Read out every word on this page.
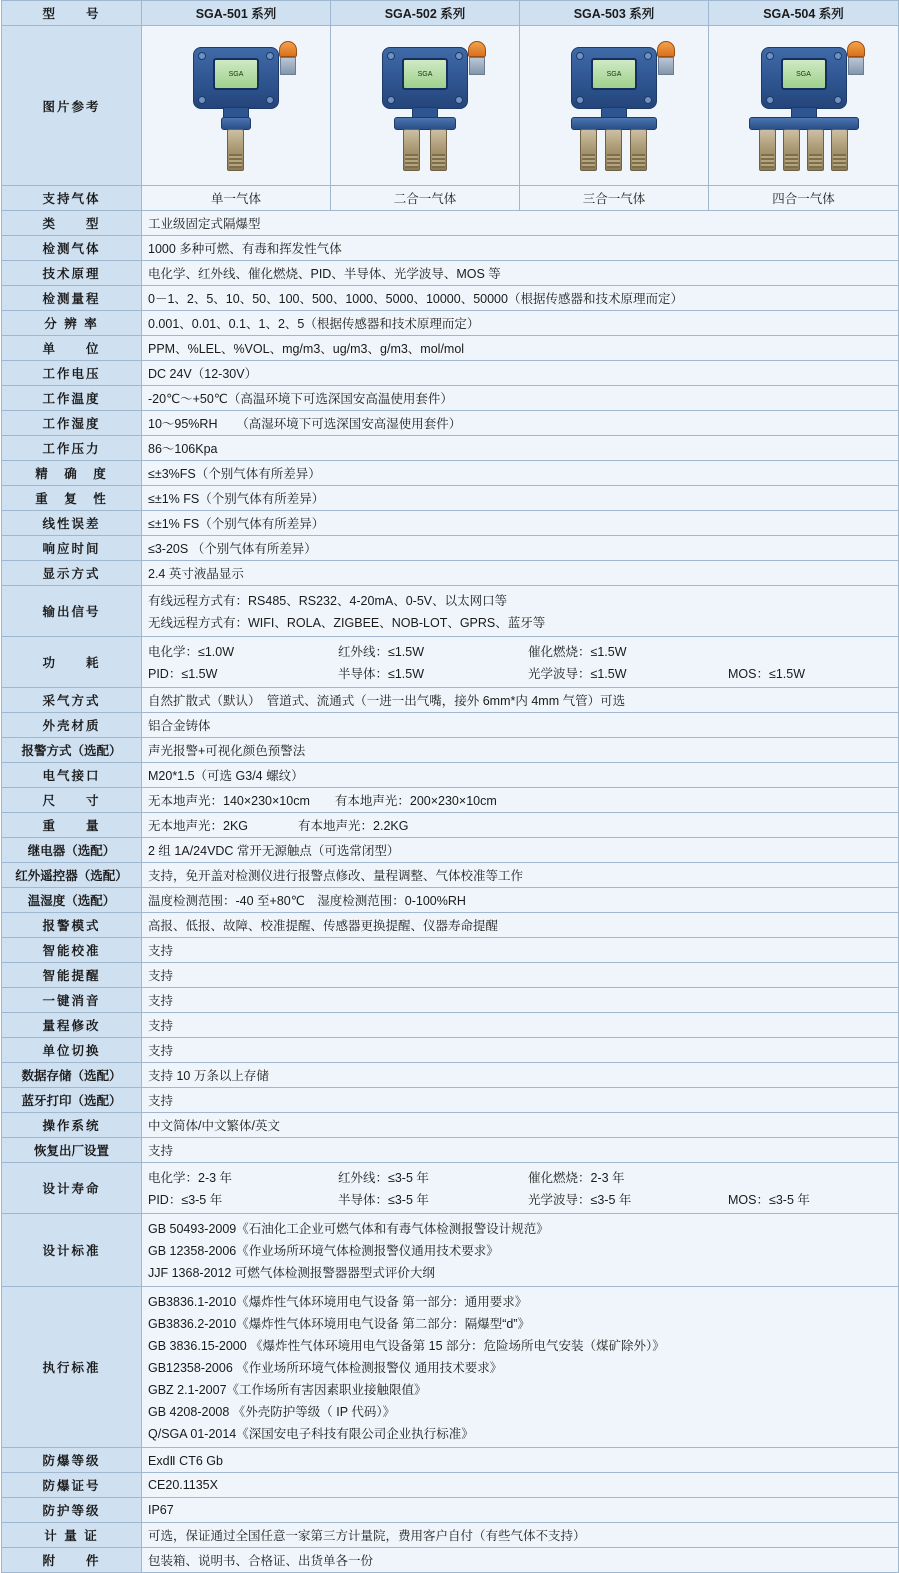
型　　号	SGA-501 系列	SGA-502 系列	SGA-503 系列	SGA-504 系列
图片参考	SGA	SGA	SGA	SGA

支持气体	单一气体	二合一气体	三合一气体	四合一气体
类　　型	工业级固定式隔爆型			
检测气体	1000 多种可燃、有毒和挥发性气体			
技术原理	电化学、红外线、催化燃烧、PID、半导体、光学波导、MOS 等			
检测量程	0－1、2、5、10、50、100、500、1000、5000、10000、50000（根据传感器和技术原理而定）			
分 辨 率	0.001、0.01、0.1、1、2、5（根据传感器和技术原理而定）			
单　　位	PPM、%LEL、%VOL、mg/m3、ug/m3、g/m3、mol/mol			
工作电压	DC 24V（12-30V）			
工作温度	-20℃～+50℃（高温环境下可选深国安高温使用套件）			
工作湿度	10～95%RH　　（高湿环境下可选深国安高湿使用套件）			
工作压力	86～106Kpa			
精　确　度	≤±3%FS（个别气体有所差异）			
重　复　性	≤±1% FS（个别气体有所差异）			
线性误差	≤±1% FS（个别气体有所差异）			
响应时间	≤3-20S （个别气体有所差异）			
显示方式	2.4 英寸液晶显示			
输出信号	有线远程方式有：RS485、RS232、4-20mA、0-5V、以太网口等
无线远程方式有：WIFI、ROLA、ZIGBEE、NOB-LOT、GPRS、蓝牙等			

功　　耗	
电化学：≤1.0W	红外线：≤1.5W	催化燃烧：≤1.5W
PID：≤1.5W	半导体：≤1.5W	光学波导：≤1.5W	MOS：≤1.5W

采气方式	自然扩散式（默认）　管道式、流通式（一进一出气嘴，接外 6mm*内 4mm 气管）可选			
外壳材质	铝合金铸体			
报警方式（选配）	声光报警+可视化颜色预警法			
电气接口	M20*1.5（可选 G3/4 螺纹）			
尺　　寸	无本地声光：140×230×10cm　　有本地声光：200×230×10cm			
重　　量	无本地声光：2KG　　　　有本地声光：2.2KG			
继电器（选配）	2 组 1A/24VDC 常开无源触点（可选常闭型）			
红外遥控器（选配）	支持，免开盖对检测仪进行报警点修改、量程调整、气体校准等工作			
温湿度（选配）	温度检测范围：-40 至+80℃　湿度检测范围：0-100%RH			
报警模式	高报、低报、故障、校准提醒、传感器更换提醒、仪器寿命提醒			
智能校准	支持			
智能提醒	支持			
一键消音	支持			
量程修改	支持			
单位切换	支持			
数据存储（选配）	支持 10 万条以上存储			
蓝牙打印（选配）	支持			
操作系统	中文简体/中文繁体/英文			
恢复出厂设置	支持			
设计寿命	
电化学：2-3 年	红外线：≤3-5 年	催化燃烧：2-3 年
PID：≤3-5 年	半导体：≤3-5 年	光学波导：≤3-5 年	MOS：≤3-5 年

设计标准	GB 50493-2009《石油化工企业可燃气体和有毒气体检测报警设计规范》
GB 12358-2006《作业场所环境气体检测报警仪通用技术要求》
JJF 1368-2012 可燃气体检测报警器器型式评价大纲			

执行标准	
GB3836.1-2010《爆炸性气体环境用电气设备 第一部分：通用要求》
GB3836.2-2010《爆炸性气体环境用电气设备 第二部分：隔爆型“d”》
GB 3836.15-2000 《爆炸性气体环境用电气设备第 15 部分：危险场所电气安装（煤矿除外）》
GB12358-2006 《作业场所环境气体检测报警仪 通用技术要求》
GBZ 2.1-2007《工作场所有害因素职业接触限值》
GB 4208-2008 《外壳防护等级（ IP 代码）》
Q/SGA 01-2014《深国安电子科技有限公司企业执行标准》

防爆等级	ExdⅡ CT6 Gb			
防爆证号	CE20.1135X			
防护等级	IP67			
计 量 证	可选，保证通过全国任意一家第三方计量院，费用客户自付（有些气体不支持）			
附　　件	包装箱、说明书、合格证、出货单各一份			
